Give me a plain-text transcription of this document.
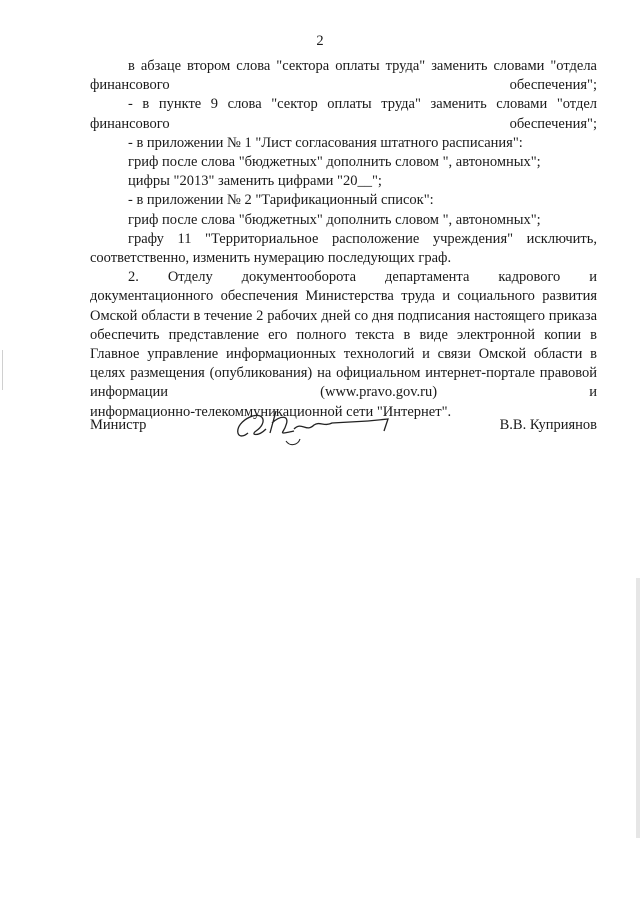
2

в абзаце втором слова "сектора оплаты труда" заменить словами "отдела финансового обеспечения";

- в пункте 9 слова "сектор оплаты труда" заменить словами "отдел финансового обеспечения";

- в приложении № 1 "Лист согласования штатного расписания":

гриф после слова "бюджетных" дополнить словом ", автономных";

цифры "2013" заменить цифрами "20__";

- в приложении № 2 "Тарификационный список":

гриф после слова "бюджетных" дополнить словом ", автономных";

графу 11 "Территориальное расположение учреждения" исключить, соответственно, изменить нумерацию последующих граф.

2. Отделу документооборота департамента кадрового и документационного обеспечения Министерства труда и социального развития Омской области в течение 2 рабочих дней со дня подписания настоящего приказа обеспечить представление его полного текста в виде электронной копии в Главное управление информационных технологий и связи Омской области в целях размещения (опубликования) на официальном интернет-портале правовой информации (www.pravo.gov.ru) и

информационно-телекоммуникационной сети "Интернет".

Министр	В.В. Куприянов
